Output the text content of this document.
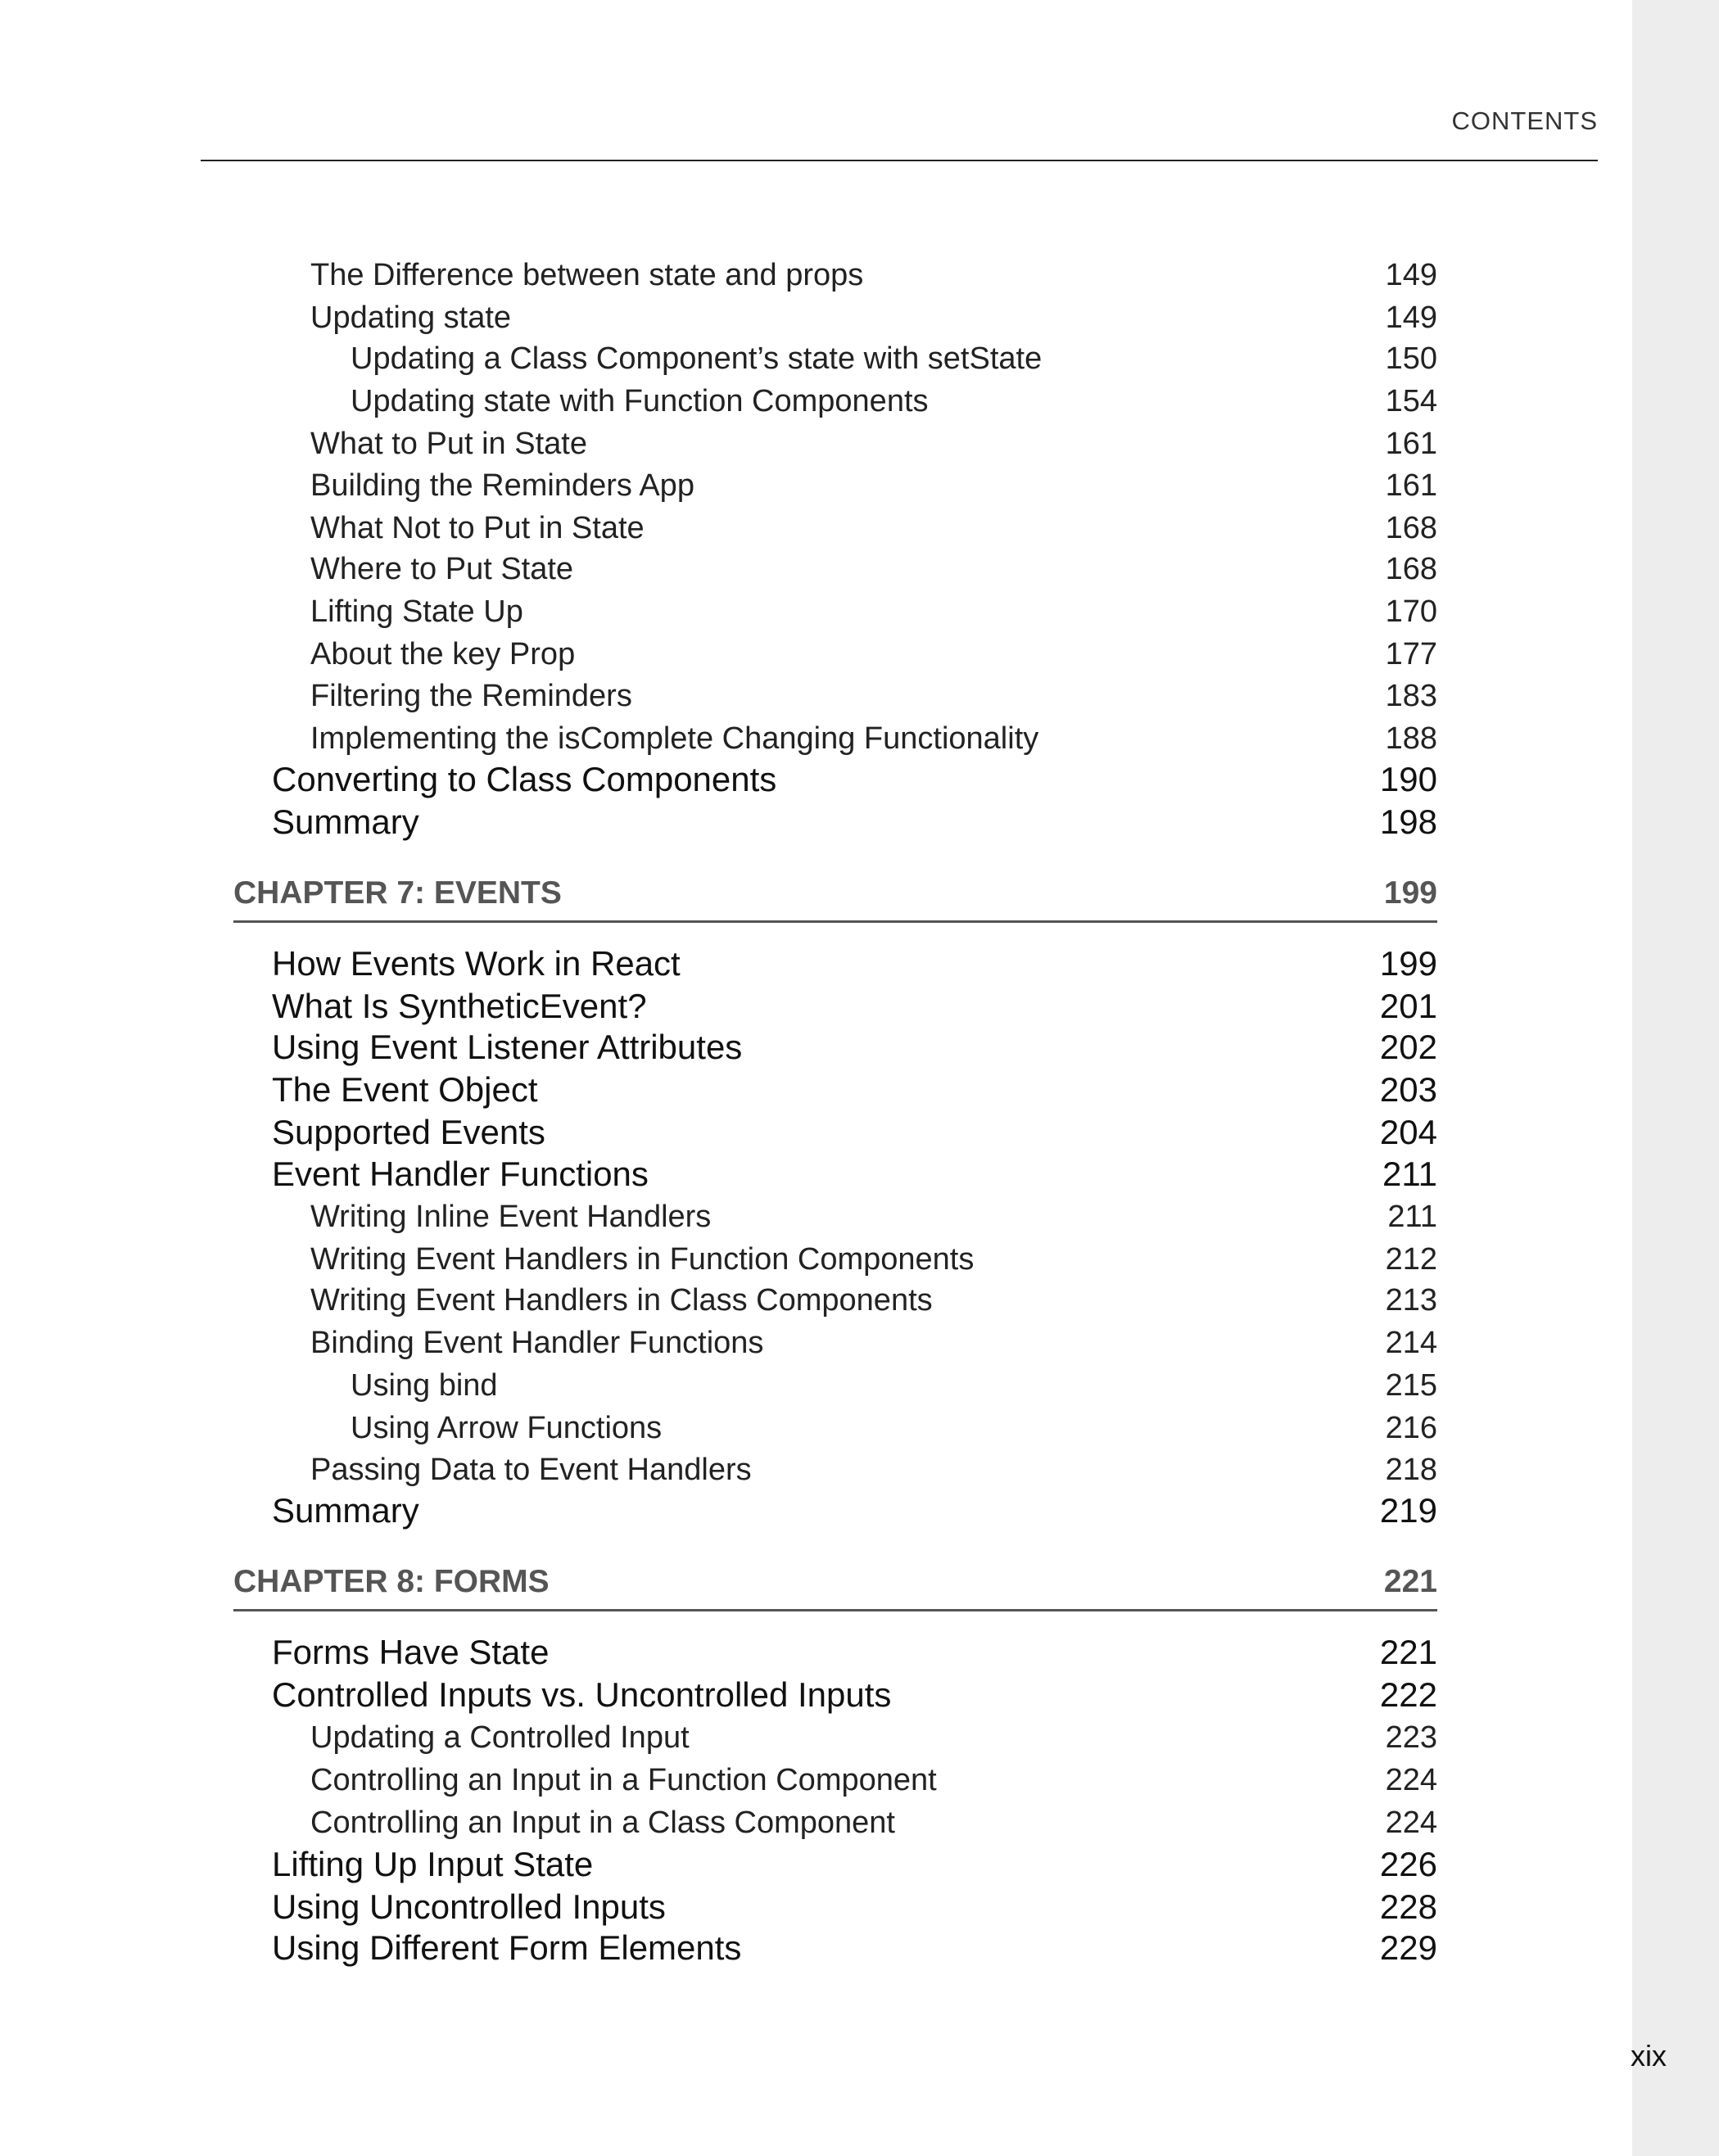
CONTENTS
The Difference between state and props	149
Updating state	149
Updating a Class Component’s state with setState	150
Updating state with Function Components	154
What to Put in State	161
Building the Reminders App	161
What Not to Put in State	168
Where to Put State	168
Lifting State Up	170
About the key Prop	177
Filtering the Reminders	183
Implementing the isComplete Changing Functionality	188
Converting to Class Components	190
Summary	198
CHAPTER 7: EVENTS	199
How Events Work in React	199
What Is SyntheticEvent?	201
Using Event Listener Attributes	202
The Event Object	203
Supported Events	204
Event Handler Functions	211
Writing Inline Event Handlers	211
Writing Event Handlers in Function Components	212
Writing Event Handlers in Class Components	213
Binding Event Handler Functions	214
Using bind	215
Using Arrow Functions	216
Passing Data to Event Handlers	218
Summary	219
CHAPTER 8: FORMS	221
Forms Have State	221
Controlled Inputs vs. Uncontrolled Inputs	222
Updating a Controlled Input	223
Controlling an Input in a Function Component	224
Controlling an Input in a Class Component	224
Lifting Up Input State	226
Using Uncontrolled Inputs	228
Using Different Form Elements	229
xix
